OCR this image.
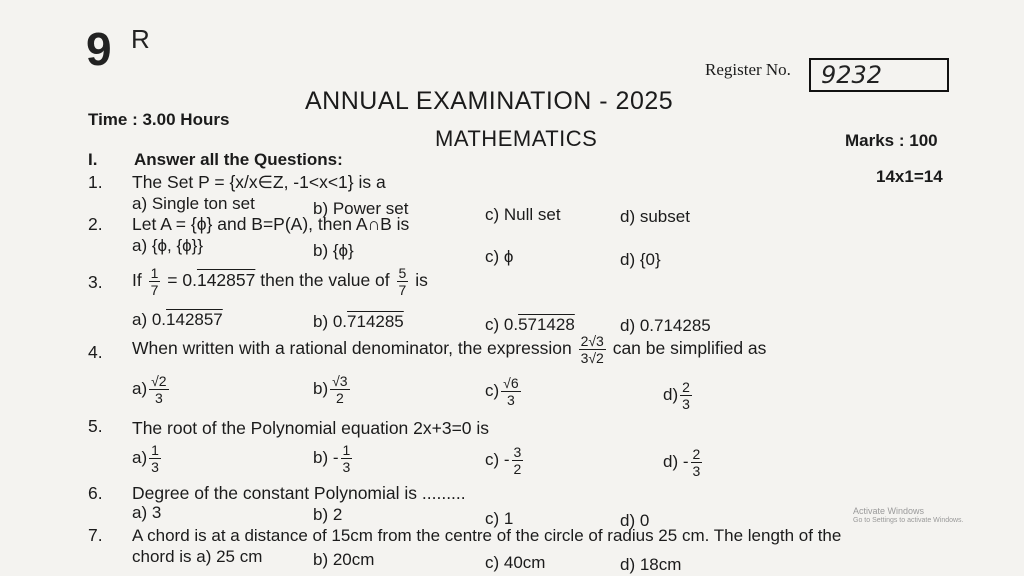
9 R
Register No.	9232
ANNUAL EXAMINATION - 2025
Time : 3.00 Hours
MATHEMATICS	Marks : 100
I. Answer all the Questions:
14x1=14
1. The Set P = {x/x∈Z, -1<x<1} is a
a) Single ton set	b) Power set	c) Null set	d) subset
2. Let A = {ϕ} and B=P(A), then A∩B is
a) {ϕ, {ϕ}}	b) {ϕ}	c) ϕ	d) {0}
3. If $\frac{1}{7} = 0.142857$ then the value of $\frac{5}{7}$ is
a) 0.142857	b) 0.714285	c) 0.571428	d) 0.714285
4. When written with a rational denominator, the expression $\frac{2√3}{3√2}$ can be simplified as
$a) \frac{√2}{3}$	$b) \frac{√3}{2}$	$c) \frac{√6}{3}$	$d) \frac{2}{3}$
5. The root of the Polynomial equation 2x+3=0 is
$a) \frac{1}{3}$	$b) - \frac{1}{3}$	$c) - \frac{3}{2}$	$d) - \frac{2}{3}$
6. Degree of the constant Polynomial is .........
a) 3	b) 2	c) 1	d) 0
7. A chord is at a distance of 15cm from the centre of the circle of radius 25 cm. The length of the
chord is a) 25 cm	b) 20cm	c) 40cm	d) 18cm
Activate Windows
Go to Settings to activate Windows.
